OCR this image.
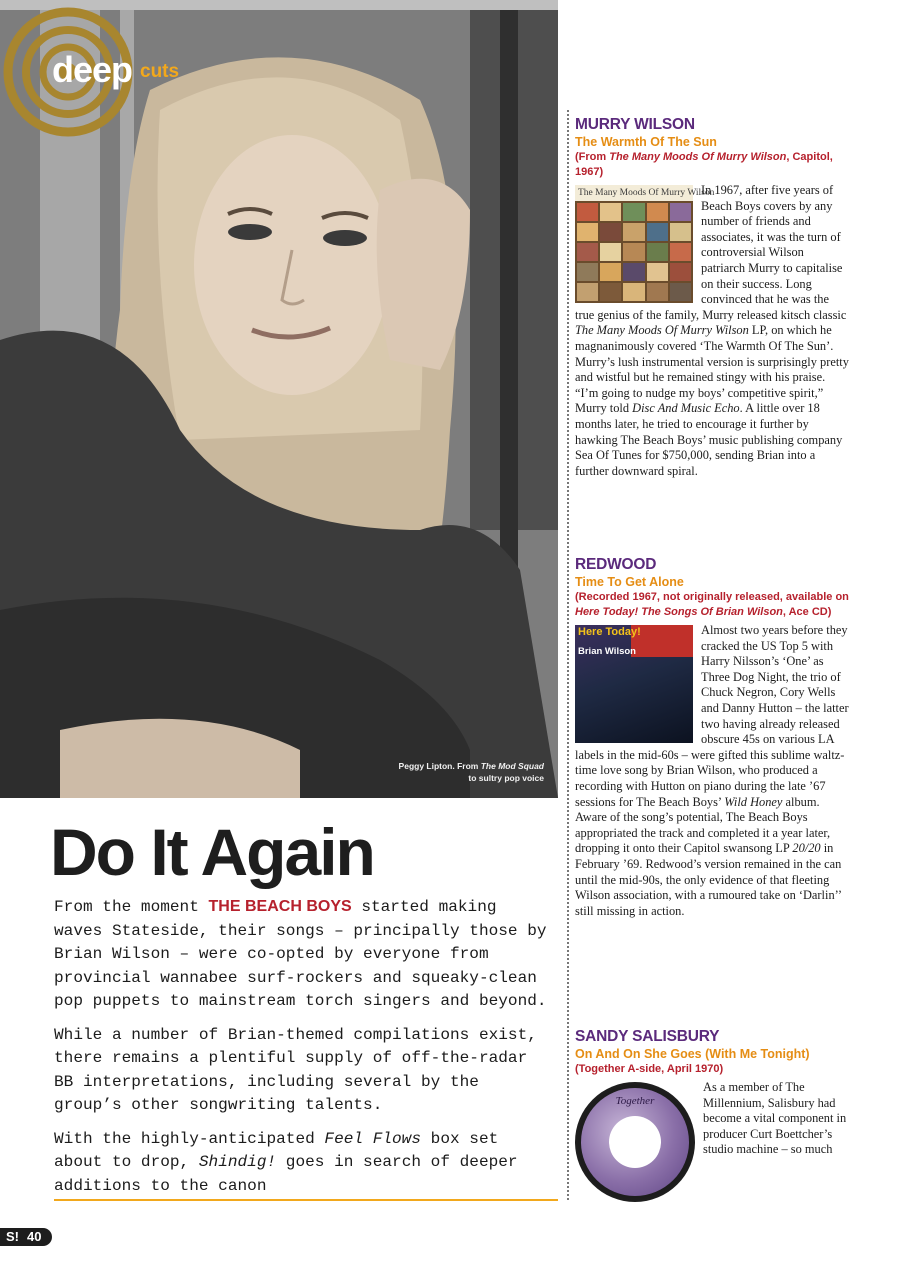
Peggy Lipton. From The Mod Squad to sultry pop voice
deep cuts
Do It Again

From the moment THE BEACH BOYS started making waves Stateside, their songs – principally those by Brian Wilson – were co-opted by everyone from provincial wannabee surf-rockers and squeaky-clean pop puppets to mainstream torch singers and beyond.

While a number of Brian-themed compilations exist, there remains a plentiful supply of off-the-radar BB interpretations, including several by the group’s other songwriting talents.

With the highly-anticipated Feel Flows box set about to drop, Shindig! goes in search of deeper additions to the canon

MURRY WILSON
The Warmth Of The Sun
(From The Many Moods Of Murry Wilson, Capitol, 1967)
The Many Moods Of Murry Wilson
In 1967, after five years of Beach Boys covers by any number of friends and associates, it was the turn of controversial Wilson patriarch Murry to capitalise on their success. Long convinced that he was the true genius of the family, Murry released kitsch classic The Many Moods Of Murry Wilson LP, on which he magnanimously covered ‘The Warmth Of The Sun’. Murry’s lush instrumental version is surprisingly pretty and wistful but he remained stingy with his praise. “I’m going to nudge my boys’ competitive spirit,” Murry told Disc And Music Echo. A little over 18 months later, he tried to encourage it further by hawking The Beach Boys’ music publishing company Sea Of Tunes for $750,000, sending Brian into a further downward spiral.
REDWOOD
Time To Get Alone
(Recorded 1967, not originally released, available on Here Today! The Songs Of Brian Wilson, Ace CD)
Here Today!
Brian Wilson
Almost two years before they cracked the US Top 5 with Harry Nilsson’s ‘One’ as Three Dog Night, the trio of Chuck Negron, Cory Wells and Danny Hutton – the latter two having already released obscure 45s on various LA labels in the mid-60s – were gifted this sublime waltz-time love song by Brian Wilson, who produced a recording with Hutton on piano during the late ’67 sessions for The Beach Boys’ Wild Honey album. Aware of the song’s potential, The Beach Boys appropriated the track and completed it a year later, dropping it onto their Capitol swansong LP 20/20 in February ’69. Redwood’s version remained in the can until the mid-90s, the only evidence of that fleeting Wilson association, with a rumoured take on ‘Darlin’’ still missing in action.
SANDY SALISBURY
On And On She Goes (With Me Tonight)
(Together A-side, April 1970)
Together
As a member of The Millennium, Salisbury had become a vital component in producer Curt Boettcher’s studio machine – so much
S! 40
